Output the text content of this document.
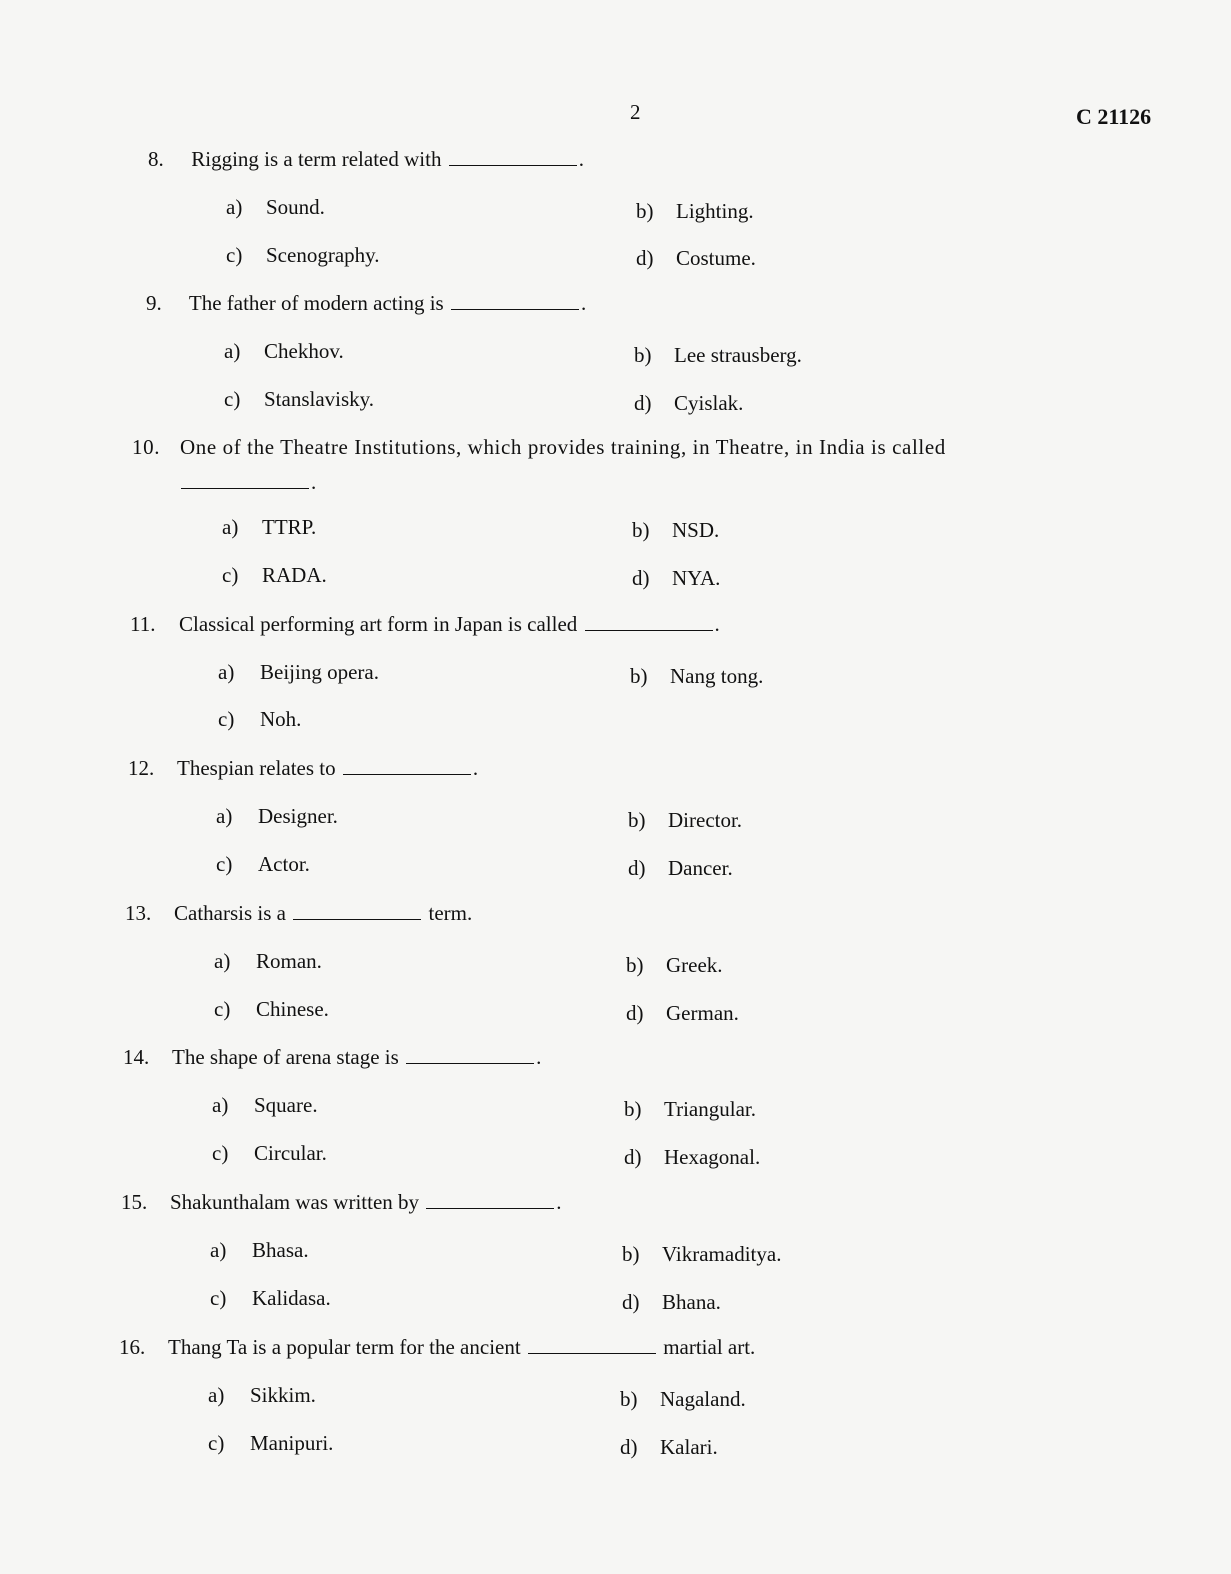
2	C 21126
8. Rigging is a term related with	.
a) Sound.	b) Lighting.
c) Scenography.	d) Costume.
9. The father of modern acting is	.
a) Chekhov.	b) Lee strausberg.
c) Stanslavisky.	d) Cyislak.
10. One of the Theatre Institutions, which provides training, in Theatre, in India is called
.
a) TTRP.	b) NSD.
c) RADA.	d) NYA.
11. Classical performing art form in Japan is called	.
a) Beijing opera.	b) Nang tong.
c) Noh.
12. Thespian relates to	.
a) Designer.	b) Director.
c) Actor.	d) Dancer.
13. Catharsis is a	term.
a) Roman.	b) Greek.
c) Chinese.	d) German.
14. The shape of arena stage is	.
a) Square.	b) Triangular.
c) Circular.	d) Hexagonal.
15. Shakunthalam was written by	.
a) Bhasa.	b) Vikramaditya.
c) Kalidasa.	d) Bhana.
16. Thang Ta is a popular term for the ancient	martial art.
a) Sikkim.	b) Nagaland.
c) Manipuri.	d) Kalari.
